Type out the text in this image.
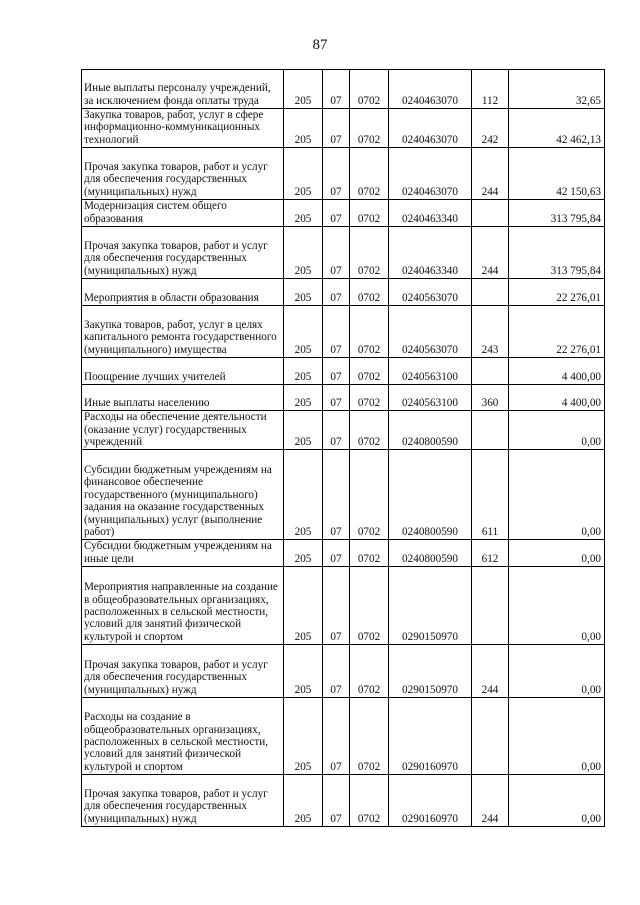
87
Иные выплаты персоналу учреждений, за исключением фонда оплаты труда	205	07	0702	0240463070	112	32,65
Закупка товаров, работ, услуг в сфере информационно-коммуникационных технологий	205	07	0702	0240463070	242	42 462,13
Прочая закупка товаров, работ и услуг для обеспечения государственных (муниципальных) нужд	205	07	0702	0240463070	244	42 150,63
Модернизация систем общего образования	205	07	0702	0240463340		313 795,84
Прочая закупка товаров, работ и услуг для обеспечения государственных (муниципальных) нужд	205	07	0702	0240463340	244	313 795,84
Мероприятия в области образования	205	07	0702	0240563070		22 276,01
Закупка товаров, работ, услуг в целях капитального ремонта государственного (муниципального) имущества	205	07	0702	0240563070	243	22 276,01
Поощрение лучших учителей	205	07	0702	0240563100		4 400,00
Иные выплаты населению	205	07	0702	0240563100	360	4 400,00
Расходы на обеспечение деятельности (оказание услуг) государственных учреждений	205	07	0702	0240800590		0,00
Субсидии бюджетным учреждениям на финансовое обеспечение государственного (муниципального) задания на оказание государственных (муниципальных) услуг (выполнение работ)	205	07	0702	0240800590	611	0,00
Субсидии бюджетным учреждениям на иные цели	205	07	0702	0240800590	612	0,00
Мероприятия направленные на создание в общеобразовательных организациях, расположенных в сельской местности, условий для занятий физической культурой и спортом	205	07	0702	0290150970		0,00
Прочая закупка товаров, работ и услуг для обеспечения государственных (муниципальных) нужд	205	07	0702	0290150970	244	0,00
Расходы на создание в общеобразовательных организациях, расположенных в сельской местности, условий для занятий физической культурой и спортом	205	07	0702	0290160970		0,00
Прочая закупка товаров, работ и услуг для обеспечения государственных (муниципальных) нужд	205	07	0702	0290160970	244	0,00
